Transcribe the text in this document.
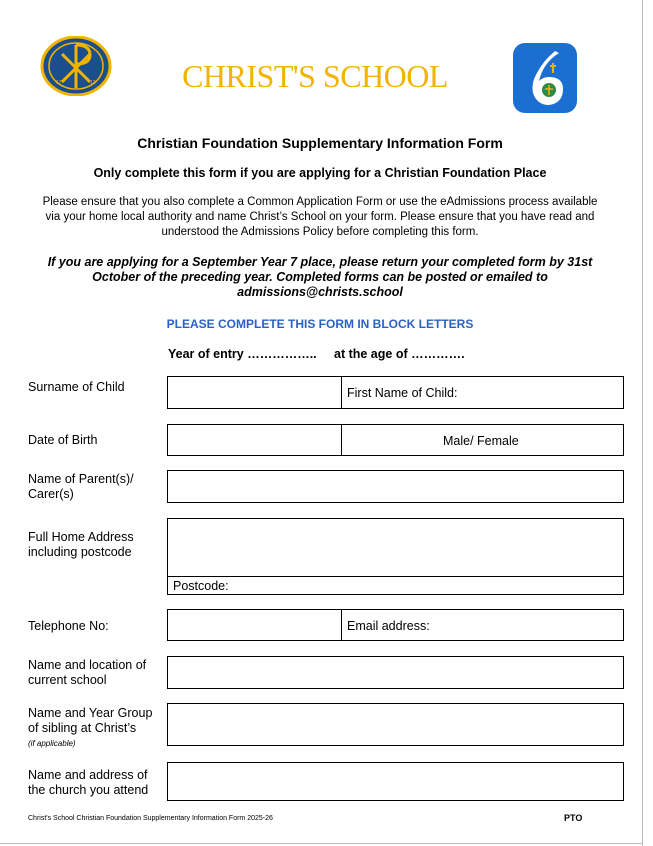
17	13	CHRIST'S SCHOOL
Christian Foundation Supplementary Information Form
Only complete this form if you are applying for a Christian Foundation Place
Please ensure that you also complete a Common Application Form or use the eAdmissions process available
via your home local authority and name Christ’s School on your form. Please ensure that you have read and
understood the Admissions Policy before completing this form.
If you are applying for a September Year 7 place, please return your completed form by 31st
October of the preceding year. Completed forms can be posted or emailed to
admissions@christs.school
PLEASE COMPLETE THIS FORM IN BLOCK LETTERS
Year of entry …………….. at the age of ………….
Surname of Child	First Name of Child:
Date of Birth	Male/ Female
Name of Parent(s)/
Carer(s)
Full Home Address
including postcode
Postcode:
Telephone No:	Email address:
Name and location of
current school
Name and Year Group
of sibling at Christ’s
(if applicable)
Name and address of
the church you attend
Christ's School Christian Foundation Supplementary Information Form 2025-26	PTO
